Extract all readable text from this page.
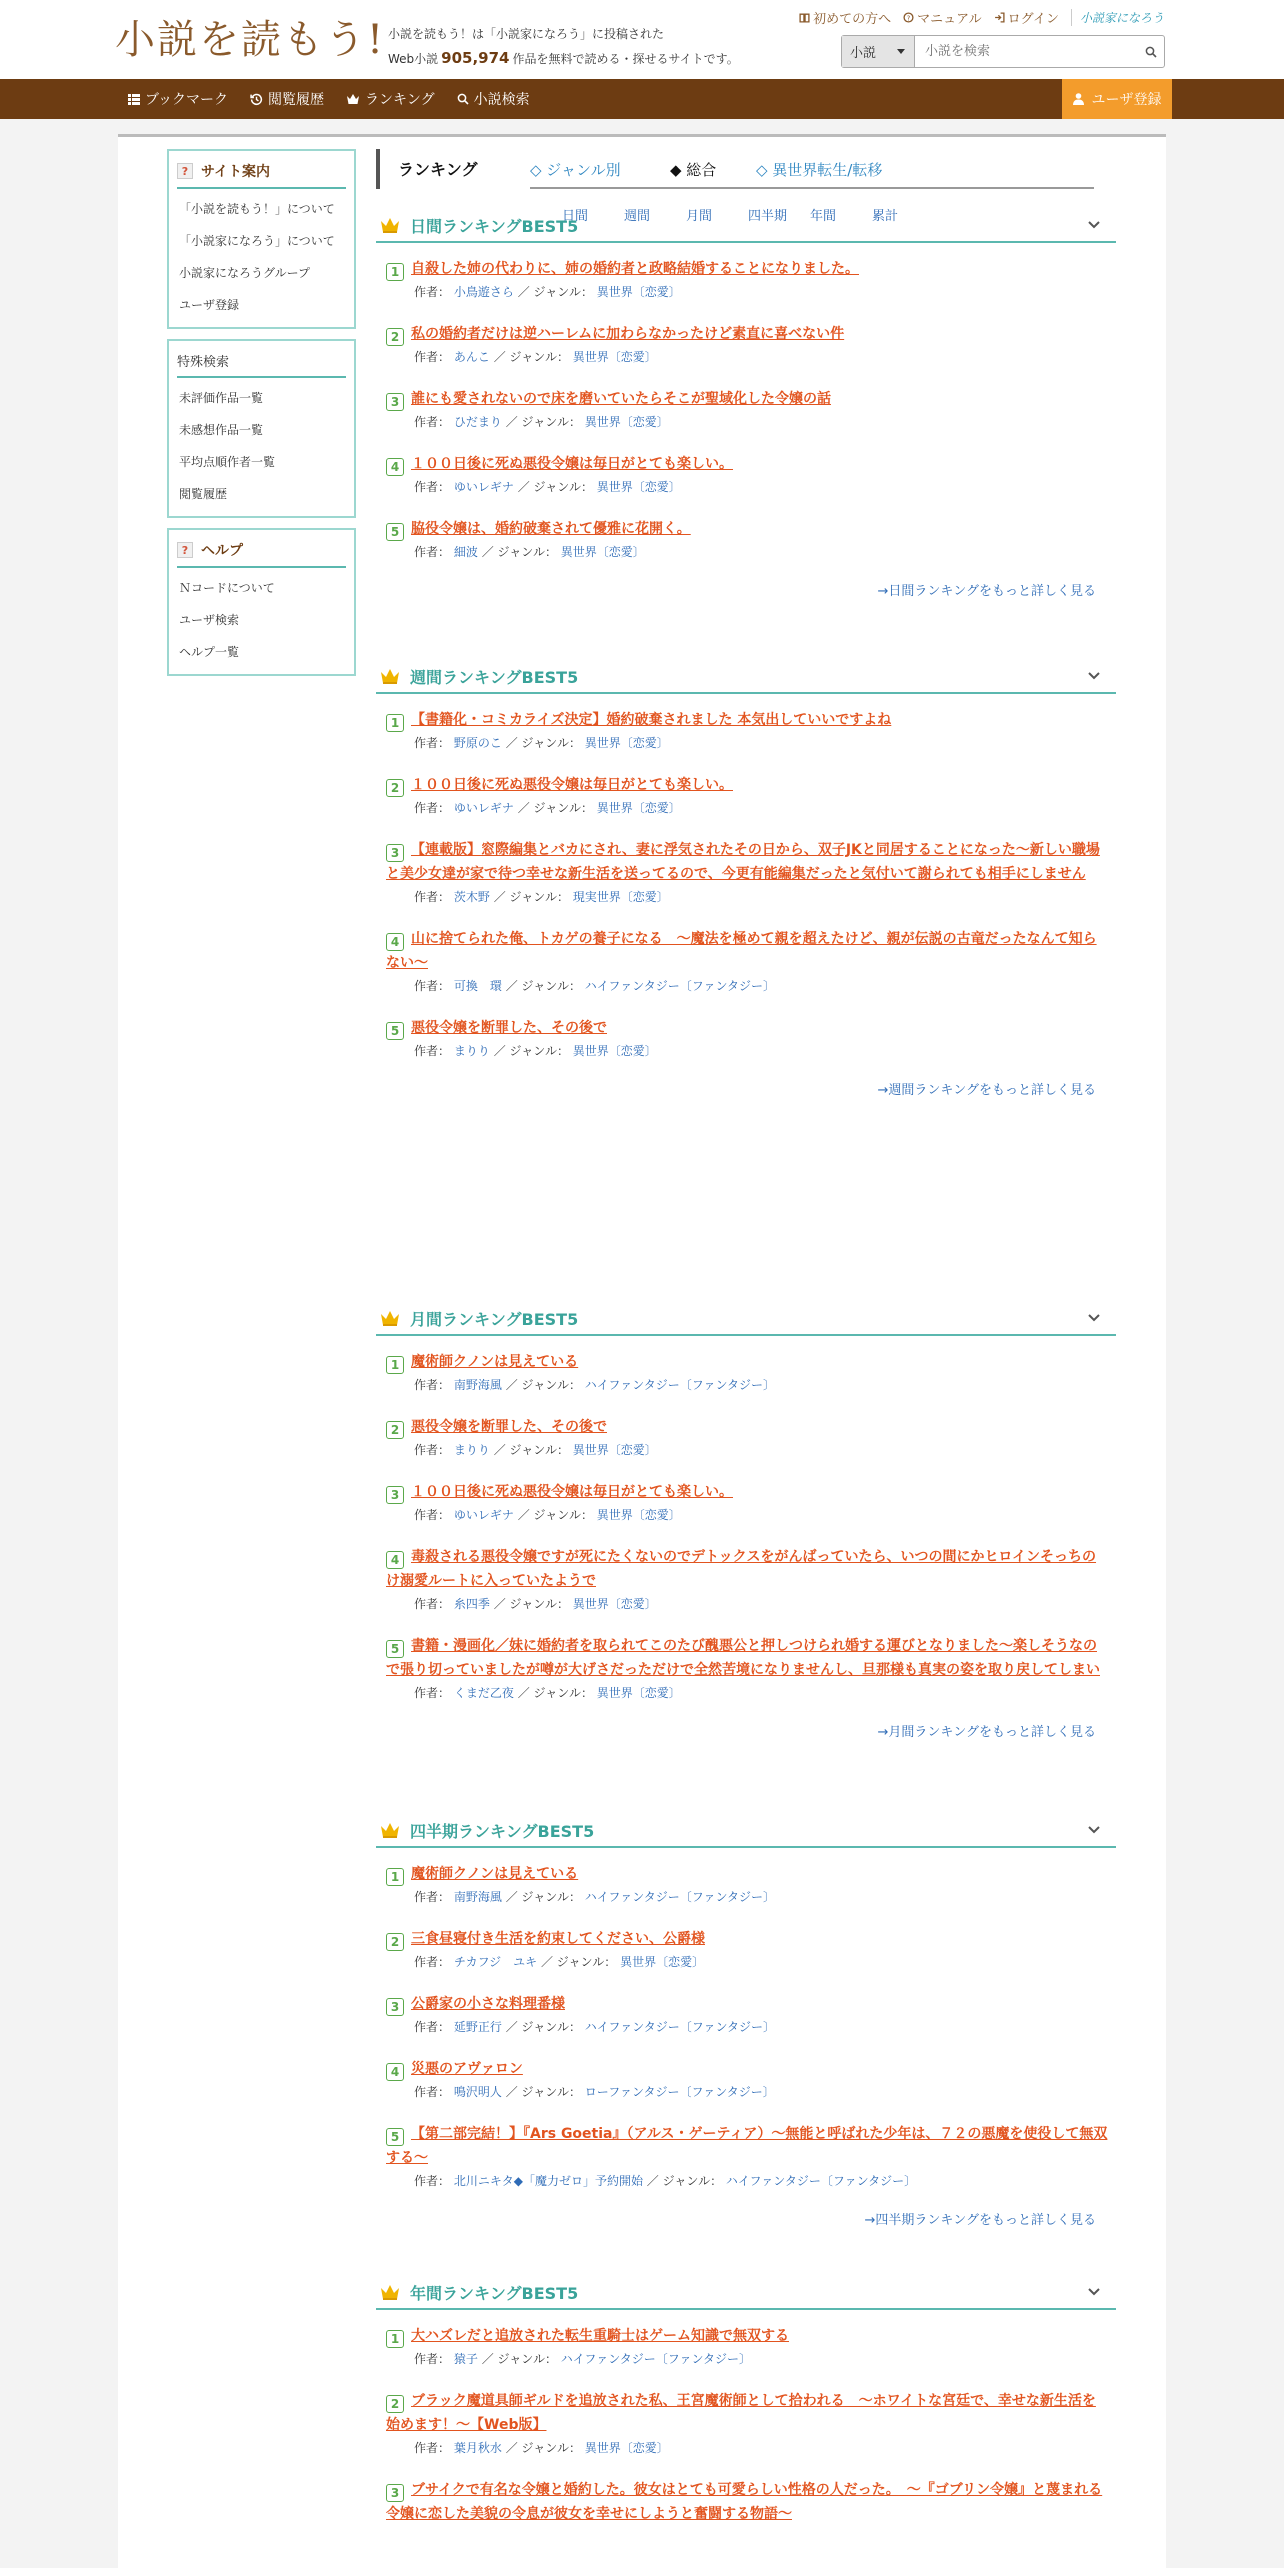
小説を読もう! 小説を読もう！は「小説家になろう」に投稿された
Web小説 905,974 作品を無料で読める・探せるサイトです。
初めての方へ	? マニュアル ログイン	小説家になろう
小説
小説を検索
ブックマーク	閲覧履歴	ランキング	小説検索	ユーザ登録
? サイト案内
「小説を読もう！」について
「小説家になろう」について
小説家になろうグループ
ユーザ登録
特殊検索
未評価作品一覧
未感想作品一覧
平均点順作者一覧
閲覧履歴
? ヘルプ
Ｎコードについて
ユーザ検索
ヘルプ一覧
ランキング	◇ ジャンル別	◆ 総合	◇ 異世界転生/転移
日間	週間	月間	四半期	年間	累計
日間ランキングBEST5
1 自殺した姉の代わりに、姉の婚約者と政略結婚することになりました。
作者： 小鳥遊さら ／ ジャンル： 異世界〔恋愛〕
2 私の婚約者だけは逆ハーレムに加わらなかったけど素直に喜べない件
作者： あんこ ／ ジャンル： 異世界〔恋愛〕
3 誰にも愛されないので床を磨いていたらそこが聖域化した令嬢の話
作者： ひだまり ／ ジャンル： 異世界〔恋愛〕
4 １００日後に死ぬ悪役令嬢は毎日がとても楽しい。
作者： ゆいレギナ ／ ジャンル： 異世界〔恋愛〕
5 脇役令嬢は、婚約破棄されて優雅に花開く。
作者： 細波 ／ ジャンル： 異世界〔恋愛〕
→日間ランキングをもっと詳しく見る
週間ランキングBEST5
1 【書籍化・コミカライズ決定】婚約破棄されました 本気出していいですよね
作者： 野原のこ ／ ジャンル： 異世界〔恋愛〕
2 １００日後に死ぬ悪役令嬢は毎日がとても楽しい。
作者： ゆいレギナ ／ ジャンル： 異世界〔恋愛〕
3 【連載版】窓際編集とバカにされ、妻に浮気されたその日から、双子JKと同居することになった〜新しい職場と美少女達が家で待つ幸せな新生活を送ってるので、今更有能編集だったと気付いて謝られても相手にしません
作者： 茨木野 ／ ジャンル： 現実世界〔恋愛〕
4 山に捨てられた俺、トカゲの養子になる　〜魔法を極めて親を超えたけど、親が伝説の古竜だったなんて知らない〜
作者： 可換　環 ／ ジャンル： ハイファンタジー〔ファンタジー〕
5 悪役令嬢を断罪した、その後で
作者： まりり ／ ジャンル： 異世界〔恋愛〕
→週間ランキングをもっと詳しく見る
月間ランキングBEST5
1 魔術師クノンは見えている
作者： 南野海風 ／ ジャンル： ハイファンタジー〔ファンタジー〕
2 悪役令嬢を断罪した、その後で
作者： まりり ／ ジャンル： 異世界〔恋愛〕
3 １００日後に死ぬ悪役令嬢は毎日がとても楽しい。
作者： ゆいレギナ ／ ジャンル： 異世界〔恋愛〕
4 毒殺される悪役令嬢ですが死にたくないのでデトックスをがんばっていたら、いつの間にかヒロインそっちのけ溺愛ルートに入っていたようで
作者： 糸四季 ／ ジャンル： 異世界〔恋愛〕
5 書籍・漫画化／妹に婚約者を取られてこのたび醜悪公と押しつけられ婚する運びとなりました～楽しそうなので張り切っていましたが噂が大げさだっただけで全然苦境になりませんし、旦那様も真実の姿を取り戻してしまい
作者： くまだ乙夜 ／ ジャンル： 異世界〔恋愛〕
→月間ランキングをもっと詳しく見る
四半期ランキングBEST5
1 魔術師クノンは見えている
作者： 南野海風 ／ ジャンル： ハイファンタジー〔ファンタジー〕
2 三食昼寝付き生活を約束してください、公爵様
作者： チカフジ　ユキ ／ ジャンル： 異世界〔恋愛〕
3 公爵家の小さな料理番様
作者： 延野正行 ／ ジャンル： ハイファンタジー〔ファンタジー〕
4 災悪のアヴァロン
作者： 鳴沢明人 ／ ジャンル： ローファンタジー〔ファンタジー〕
5 【第二部完結！】『Ars Goetia』（アルス・ゲーティア）～無能と呼ばれた少年は、７２の悪魔を使役して無双する～
作者： 北川ニキタ◆「魔力ゼロ」予約開始 ／ ジャンル： ハイファンタジー〔ファンタジー〕
→四半期ランキングをもっと詳しく見る
年間ランキングBEST5
1 大ハズレだと追放された転生重騎士はゲーム知識で無双する
作者： 猿子 ／ ジャンル： ハイファンタジー〔ファンタジー〕
2 ブラック魔道具師ギルドを追放された私、王宮魔術師として拾われる　～ホワイトな宮廷で、幸せな新生活を始めます！～【Web版】
作者： 葉月秋水 ／ ジャンル： 異世界〔恋愛〕
3 ブサイクで有名な令嬢と婚約した。彼女はとても可愛らしい性格の人だった。　～『ゴブリン令嬢』と蔑まれる令嬢に恋した美貌の令息が彼女を幸せにしようと奮闘する物語～
